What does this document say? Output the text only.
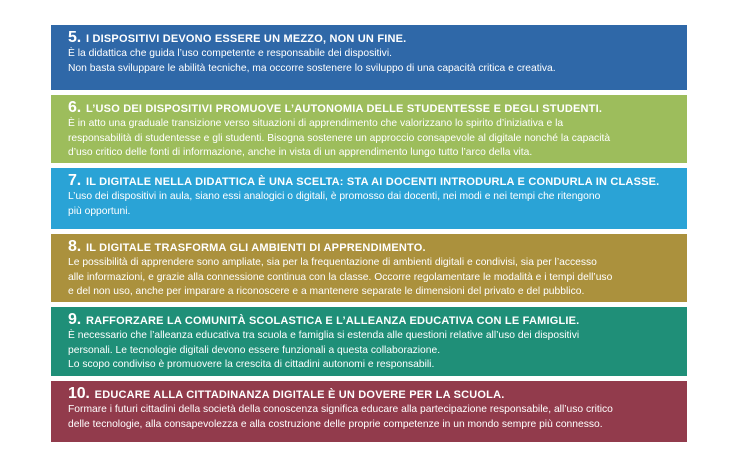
5. I DISPOSITIVI DEVONO ESSERE UN MEZZO, NON UN FINE.
È la didattica che guida l’uso competente e responsabile dei dispositivi.
Non basta sviluppare le abilità tecniche, ma occorre sostenere lo sviluppo di una capacità critica e creativa.
6. L’USO DEI DISPOSITIVI PROMUOVE L’AUTONOMIA DELLE STUDENTESSE E DEGLI STUDENTI.
È in atto una graduale transizione verso situazioni di apprendimento che valorizzano lo spirito d’iniziativa e la
responsabilità di studentesse e gli studenti. Bisogna sostenere un approccio consapevole al digitale nonché la capacità
d’uso critico delle fonti di informazione, anche in vista di un apprendimento lungo tutto l’arco della vita.
7. IL DIGITALE NELLA DIDATTICA È UNA SCELTA: STA AI DOCENTI INTRODURLA E CONDURLA IN CLASSE.
L’uso dei dispositivi in aula, siano essi analogici o digitali, è promosso dai docenti, nei modi e nei tempi che ritengono
più opportuni.
8. IL DIGITALE TRASFORMA GLI AMBIENTI DI APPRENDIMENTO.
Le possibilità di apprendere sono ampliate, sia per la frequentazione di ambienti digitali e condivisi, sia per l’accesso
alle informazioni, e grazie alla connessione continua con la classe. Occorre regolamentare le modalità e i tempi dell’uso
e del non uso, anche per imparare a riconoscere e a mantenere separate le dimensioni del privato e del pubblico.
9. RAFFORZARE LA COMUNITÀ SCOLASTICA E L’ALLEANZA EDUCATIVA CON LE FAMIGLIE.
È necessario che l’alleanza educativa tra scuola e famiglia si estenda alle questioni relative all’uso dei dispositivi
personali. Le tecnologie digitali devono essere funzionali a questa collaborazione.
Lo scopo condiviso è promuovere la crescita di cittadini autonomi e responsabili.
10. EDUCARE ALLA CITTADINANZA DIGITALE È UN DOVERE PER LA SCUOLA.
Formare i futuri cittadini della società della conoscenza significa educare alla partecipazione responsabile, all’uso critico
delle tecnologie, alla consapevolezza e alla costruzione delle proprie competenze in un mondo sempre più connesso.
